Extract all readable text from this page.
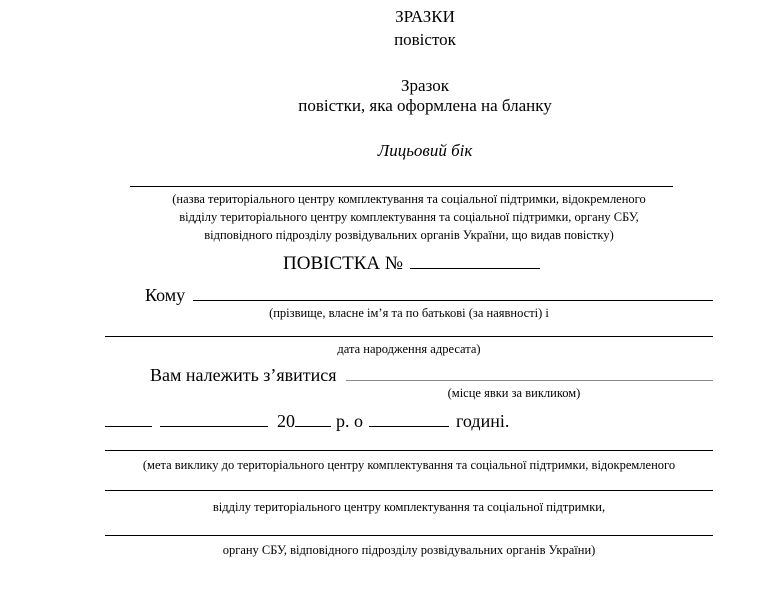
ЗРАЗКИ
повісток
Зразок
повістки, яка оформлена на бланку
Лицьовий бік
(назва територіального центру комплектування та соціальної підтримки, відокремленого
відділу територіального центру комплектування та соціальної підтримки, органу СБУ,
відповідного підрозділу розвідувальних органів України, що видав повістку)
ПОВІСТКА №
Кому
(прізвище, власне ім’я та по батькові (за наявності) і
дата народження адресата)
Вам належить з’явитися
(місце явки за викликом)
20 р. о	годині.
(мета виклику до територіального центру комплектування та соціальної підтримки, відокремленого
відділу територіального центру комплектування та соціальної підтримки,
органу СБУ, відповідного підрозділу розвідувальних органів України)
